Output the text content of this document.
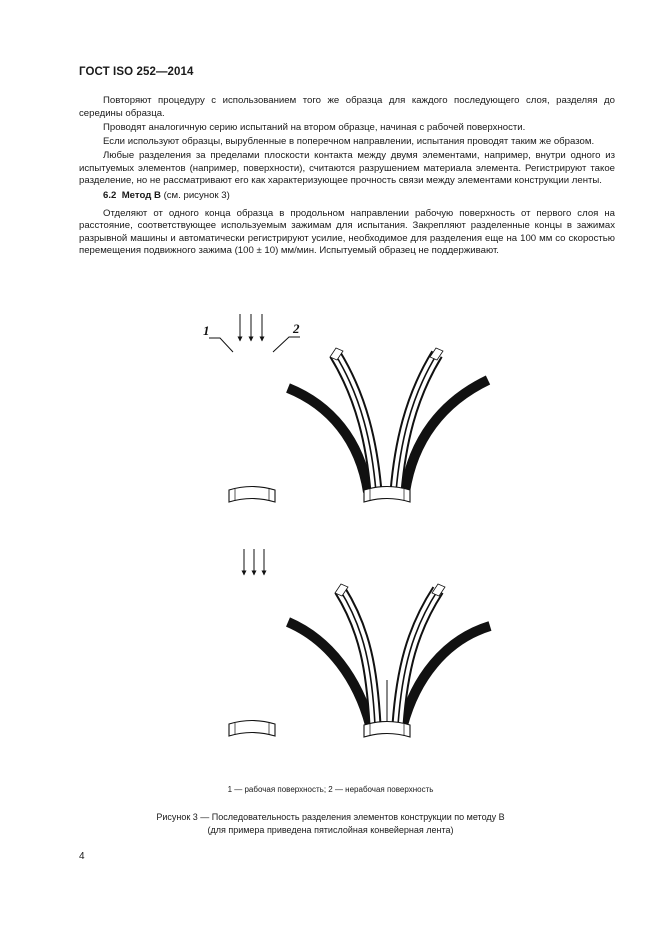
ГОСТ ISO 252—2014

Повторяют процедуру с использованием того же образца для каждого последующего слоя, разделяя до середины образца.

Проводят аналогичную серию испытаний на втором образце, начиная с рабочей поверхности.

Если используют образцы, вырубленные в поперечном направлении, испытания проводят таким же образом.

Любые разделения за пределами плоскости контакта между двумя элементами, например, внутри одного из испытуемых элементов (например, поверхности), считаются разрушением материала элемента. Регистрируют такое разделение, но не рассматривают его как характеризующее прочность связи между элементами конструкции ленты.

6.2 Метод В (см. рисунок 3)

Отделяют от одного конца образца в продольном направлении рабочую поверхность от первого слоя на расстояние, соответствующее используемым зажимам для испытания. Закрепляют разделенные концы в зажимах разрывной машины и автоматически регистрируют усилие, необходимое для разделения еще на 100 мм со скоростью перемещения подвижного зажима (100 ± 10) мм/мин. Испытуемый образец не поддерживают.

1	2
1 — рабочая поверхность; 2 — нерабочая поверхность
Рисунок 3 — Последовательность разделения элементов конструкции по методу В
(для примера приведена пятислойная конвейерная лента)
4
